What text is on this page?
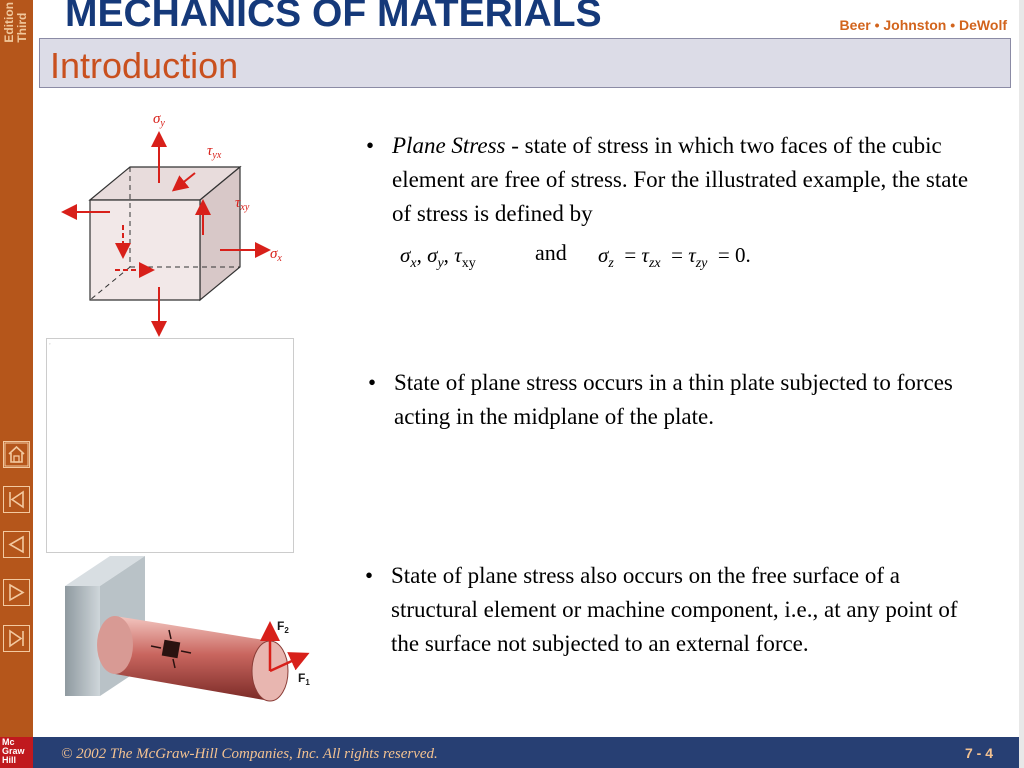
Third
Edition
Mc
Graw
Hill
MECHANICS OF MATERIALS	Beer • Johnston • DeWolf
Introduction
$\sigma_y$
$\tau_{yx}$
$\tau_{xy}$
$\sigma_x$
▫
$F_2$
$F_1$
• Plane Stress - state of stress in which two faces of the cubic element are free of stress. For the illustrated example, the state of stress is defined by
$\sigma_x$, $\sigma_y$, $\tau_{xy}$	and $\sigma_z = \tau_{zx} = \tau_{zy} = 0$.
• State of plane stress occurs in a thin plate subjected to forces acting in the midplane of the plate.
• State of plane stress also occurs on the free surface of a structural element or machine component, i.e., at any point of the surface not subjected to an external force.
© 2002 The McGraw-Hill Companies, Inc. All rights reserved.	7 - 4
